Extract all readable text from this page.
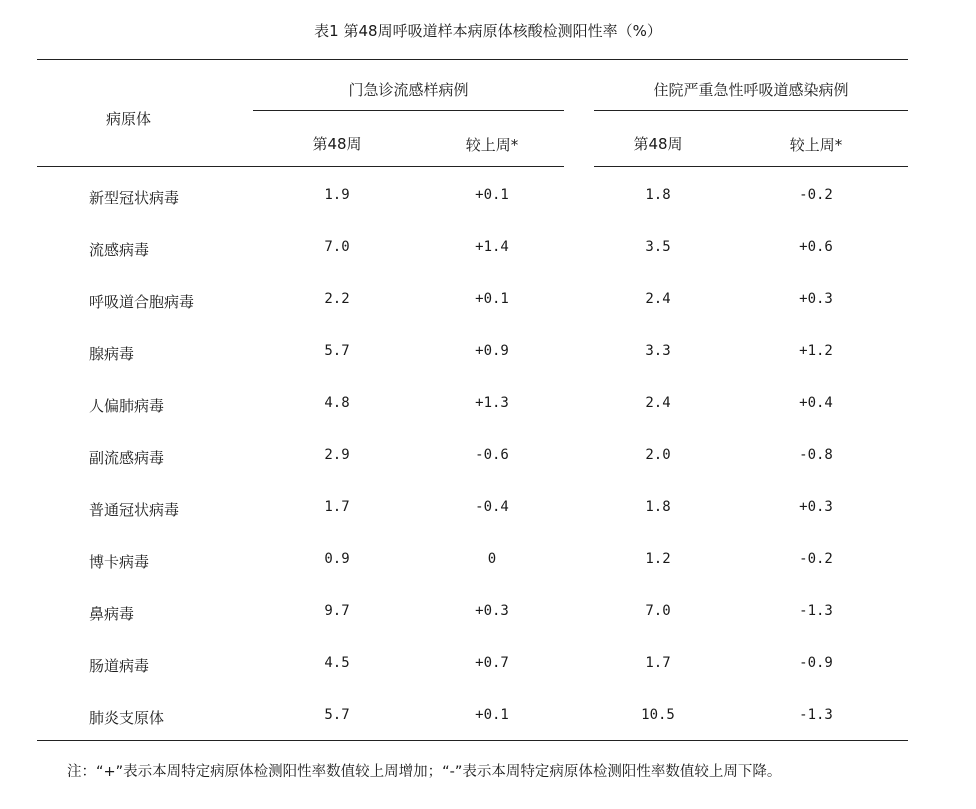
表1 第48周呼吸道样本病原体核酸检测阳性率（%）
病原体
门急诊流感样病例	住院严重急性呼吸道感染病例
第48周	较上周*	第48周	较上周*
新型冠状病毒	1.9	+0.1	1.8	-0.2
流感病毒	7.0	+1.4	3.5	+0.6
呼吸道合胞病毒	2.2	+0.1	2.4	+0.3
腺病毒	5.7	+0.9	3.3	+1.2
人偏肺病毒	4.8	+1.3	2.4	+0.4
副流感病毒	2.9	-0.6	2.0	-0.8
普通冠状病毒	1.7	-0.4	1.8	+0.3
博卡病毒	0.9	0	1.2	-0.2
鼻病毒	9.7	+0.3	7.0	-1.3
肠道病毒	4.5	+0.7	1.7	-0.9
肺炎支原体	5.7	+0.1	10.5	-1.3
注：“+”表示本周特定病原体检测阳性率数值较上周增加；“-”表示本周特定病原体检测阳性率数值较上周下降。
